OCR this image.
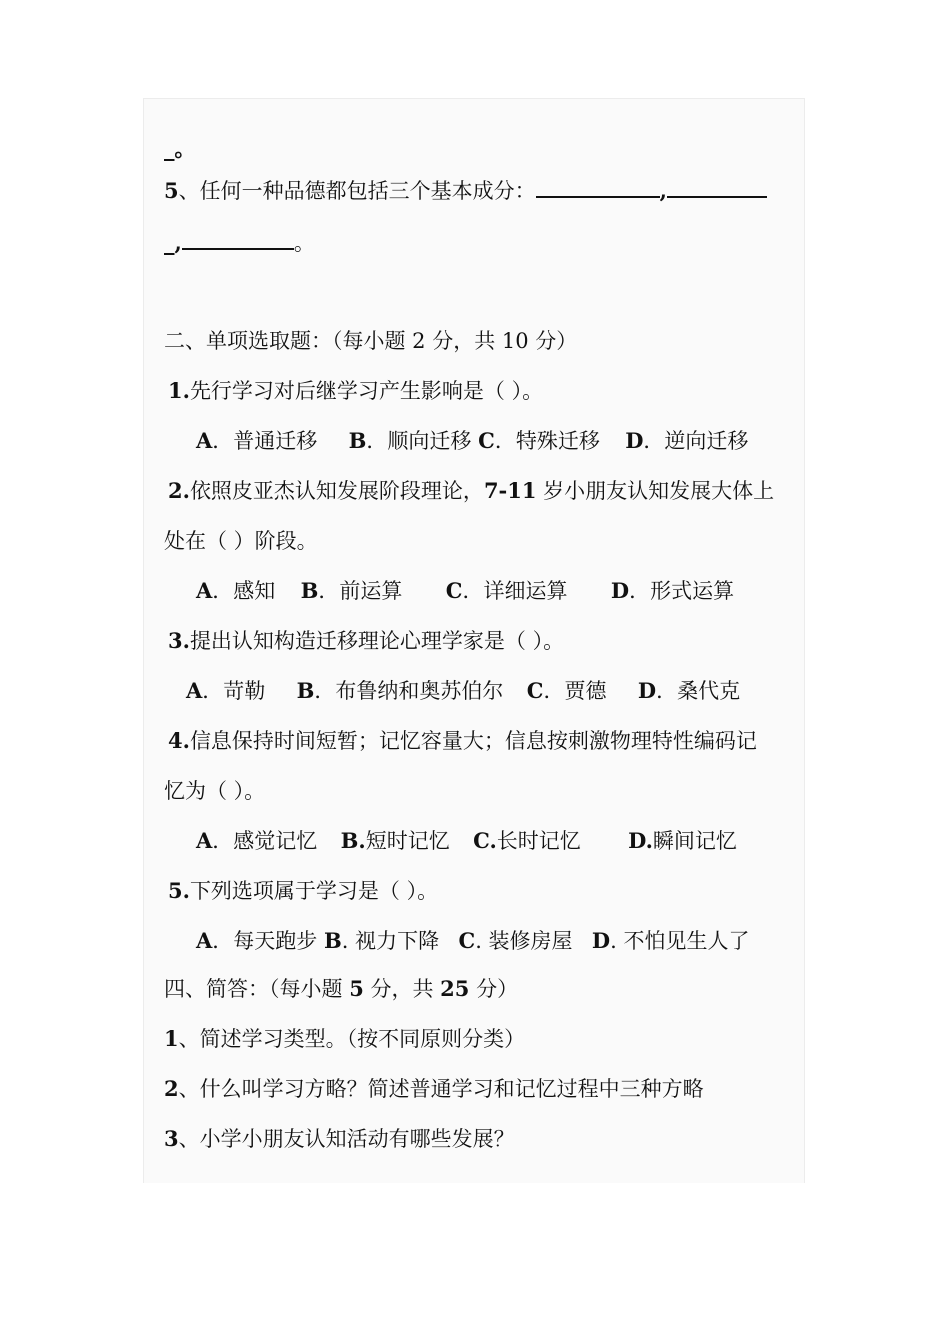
_。
5、任何一种品德都包括三个基本成分：	,
_,	。
二、单项选取题：（每小题 2 分，共 10 分）
1.先行学习对后继学习产生影响是（ ）。
A．普通迁移 B．顺向迁移 C．特殊迁移 D．逆向迁移
2.依照皮亚杰认知发展阶段理论，7-11 岁小朋友认知发展大体上
处在（ ）阶段。
A．感知 B．前运算 C．详细运算 D．形式运算
3.提出认知构造迁移理论心理学家是（ ）。
A．苛勒 B．布鲁纳和奥苏伯尔 C．贾德 D．桑代克
4.信息保持时间短暂；记忆容量大；信息按刺激物理特性编码记
忆为（ ）。
A．感觉记忆 B.短时记忆 C.长时记忆 D.瞬间记忆
5.下列选项属于学习是（ ）。
A．每天跑步 B. 视力下降 C. 装修房屋 D. 不怕见生人了
四、简答：（每小题 5 分，共 25 分）
1、简述学习类型。（按不同原则分类）
2、什么叫学习方略？简述普通学习和记忆过程中三种方略
3、小学小朋友认知活动有哪些发展？
